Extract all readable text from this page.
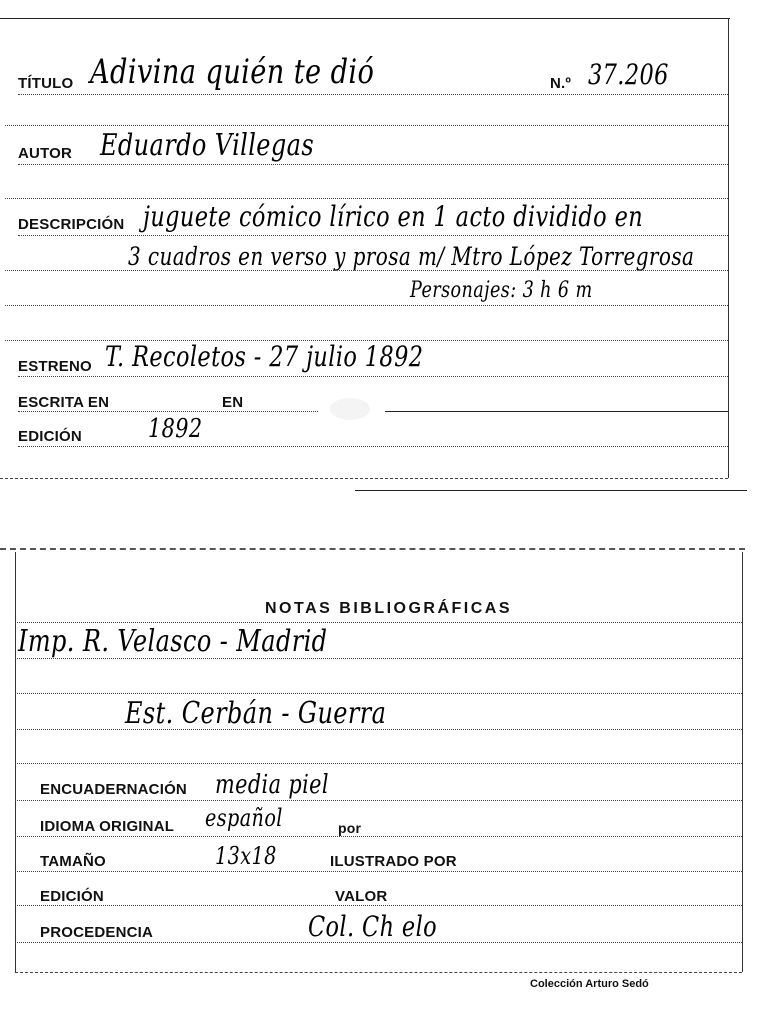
TÍTULO Adivina quién te dió	N.º 37.206
AUTOR Eduardo Villegas
DESCRIPCIÓN juguete cómico lírico en 1 acto dividido en
3 cuadros en verso y prosa m/ Mtro López Torregrosa
Personajes: 3 h 6 m
ESTRENO T. Recoletos - 27 julio 1892
ESCRITA EN	EN
EDICIÓN	1892
NOTAS BIBLIOGRÁFICAS
Imp. R. Velasco - Madrid
Est. Cerbán - Guerra
ENCUADERNACIÓN media piel
IDIOMA ORIGINAL español	por
TAMAÑO	13x18	ILUSTRADO POR
EDICIÓN	VALOR
PROCEDENCIA	Col. Ch elo
Colección Arturo Sedó
